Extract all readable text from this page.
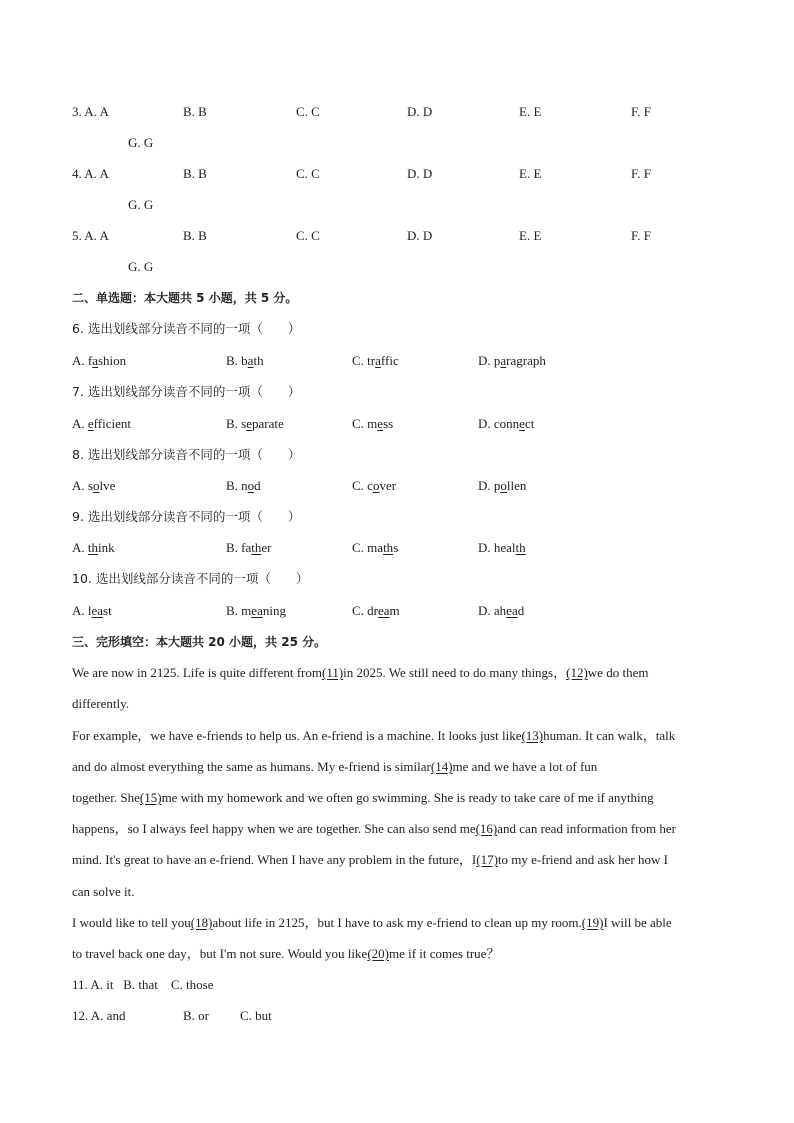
3. A. A	B. B	C. C	D. D	E. E	F. F
G. G
4. A. A	B. B	C. C	D. D	E. E	F. F
G. G
5. A. A	B. B	C. C	D. D	E. E	F. F
G. G
二、单选题：本大题共 5 小题，共 5 分。
6. 选出划线部分读音不同的一项（　　）
A. fashion	B. bath	C. traffic	D. paragraph
7. 选出划线部分读音不同的一项（　　）
A. efficient	B. separate	C. mess	D. connect
8. 选出划线部分读音不同的一项（　　）
A. solve	B. nod	C. cover	D. pollen
9. 选出划线部分读音不同的一项（　　）
A. think	B. father	C. maths	D. health
10. 选出划线部分读音不同的一项（　　）
A. least	B. meaning	C. dream	D. ahead
三、完形填空：本大题共 20 小题，共 25 分。
We are now in 2125. Life is quite different from(11)in 2025. We still need to do many things，(12)we do them
differently.
For example，we have e-friends to help us. An e-friend is a machine. It looks just like(13)human. It can walk，talk
and do almost everything the same as humans. My e-friend is similar(14)me and we have a lot of fun
together. She(15)me with my homework and we often go swimming. She is ready to take care of me if anything
happens，so I always feel happy when we are together. She can also send me(16)and can read information from her
mind. It's great to have an e-friend. When I have any problem in the future，I(17)to my e-friend and ask her how I
can solve it.
I would like to tell you(18)about life in 2125，but I have to ask my e-friend to clean up my room.(19)I will be able
to travel back one day，but I'm not sure. Would you like(20)me if it comes true？
11. A. it B. that C. those
12. A. and	B. or C. but
